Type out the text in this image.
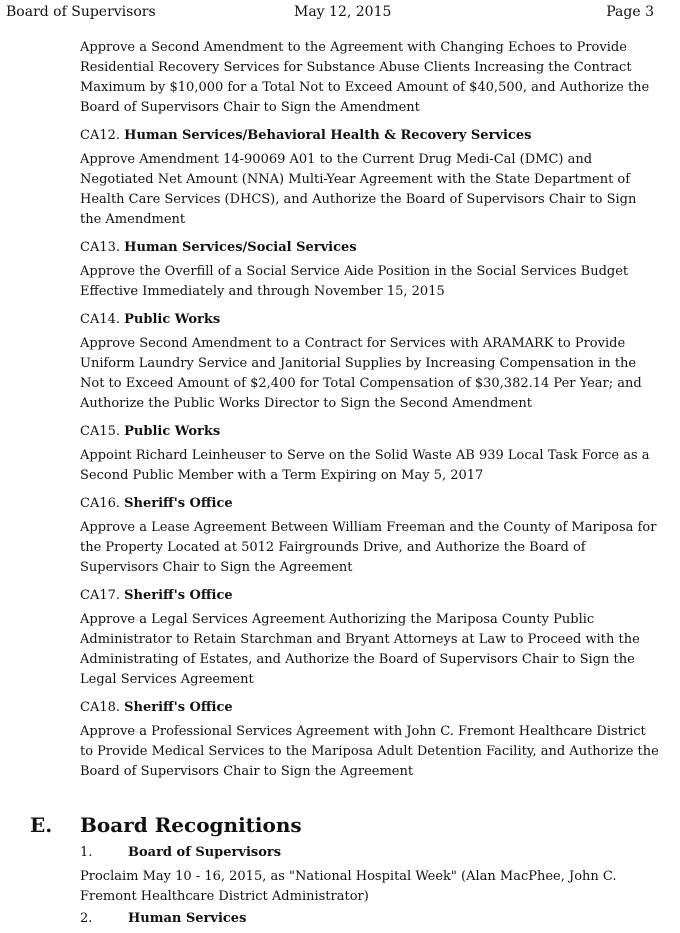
Board of Supervisors	May 12, 2015	Page 3

Approve a Second Amendment to the Agreement with Changing Echoes to Provide Residential Recovery Services for Substance Abuse Clients Increasing the Contract Maximum by $10,000 for a Total Not to Exceed Amount of $40,500, and Authorize the Board of Supervisors Chair to Sign the Amendment

CA12. Human Services/Behavioral Health & Recovery Services

Approve Amendment 14-90069 A01 to the Current Drug Medi-Cal (DMC) and Negotiated Net Amount (NNA) Multi-Year Agreement with the State Department of Health Care Services (DHCS), and Authorize the Board of Supervisors Chair to Sign the Amendment

CA13. Human Services/Social Services

Approve the Overfill of a Social Service Aide Position in the Social Services Budget Effective Immediately and through November 15, 2015

CA14. Public Works

Approve Second Amendment to a Contract for Services with ARAMARK to Provide Uniform Laundry Service and Janitorial Supplies by Increasing Compensation in the Not to Exceed Amount of $2,400 for Total Compensation of $30,382.14 Per Year; and Authorize the Public Works Director to Sign the Second Amendment

CA15. Public Works

Appoint Richard Leinheuser to Serve on the Solid Waste AB 939 Local Task Force as a Second Public Member with a Term Expiring on May 5, 2017

CA16. Sheriff's Office

Approve a Lease Agreement Between William Freeman and the County of Mariposa for the Property Located at 5012 Fairgrounds Drive, and Authorize the Board of Supervisors Chair to Sign the Agreement

CA17. Sheriff's Office

Approve a Legal Services Agreement Authorizing the Mariposa County Public Administrator to Retain Starchman and Bryant Attorneys at Law to Proceed with the Administrating of Estates, and Authorize the Board of Supervisors Chair to Sign the Legal Services Agreement

CA18. Sheriff's Office

Approve a Professional Services Agreement with John C. Fremont Healthcare District to Provide Medical Services to the Mariposa Adult Detention Facility, and Authorize the Board of Supervisors Chair to Sign the Agreement

E. Board Recognitions
1.	Board of Supervisors

Proclaim May 10 - 16, 2015, as "National Hospital Week" (Alan MacPhee, John C. Fremont Healthcare District Administrator)

2.	Human Services
